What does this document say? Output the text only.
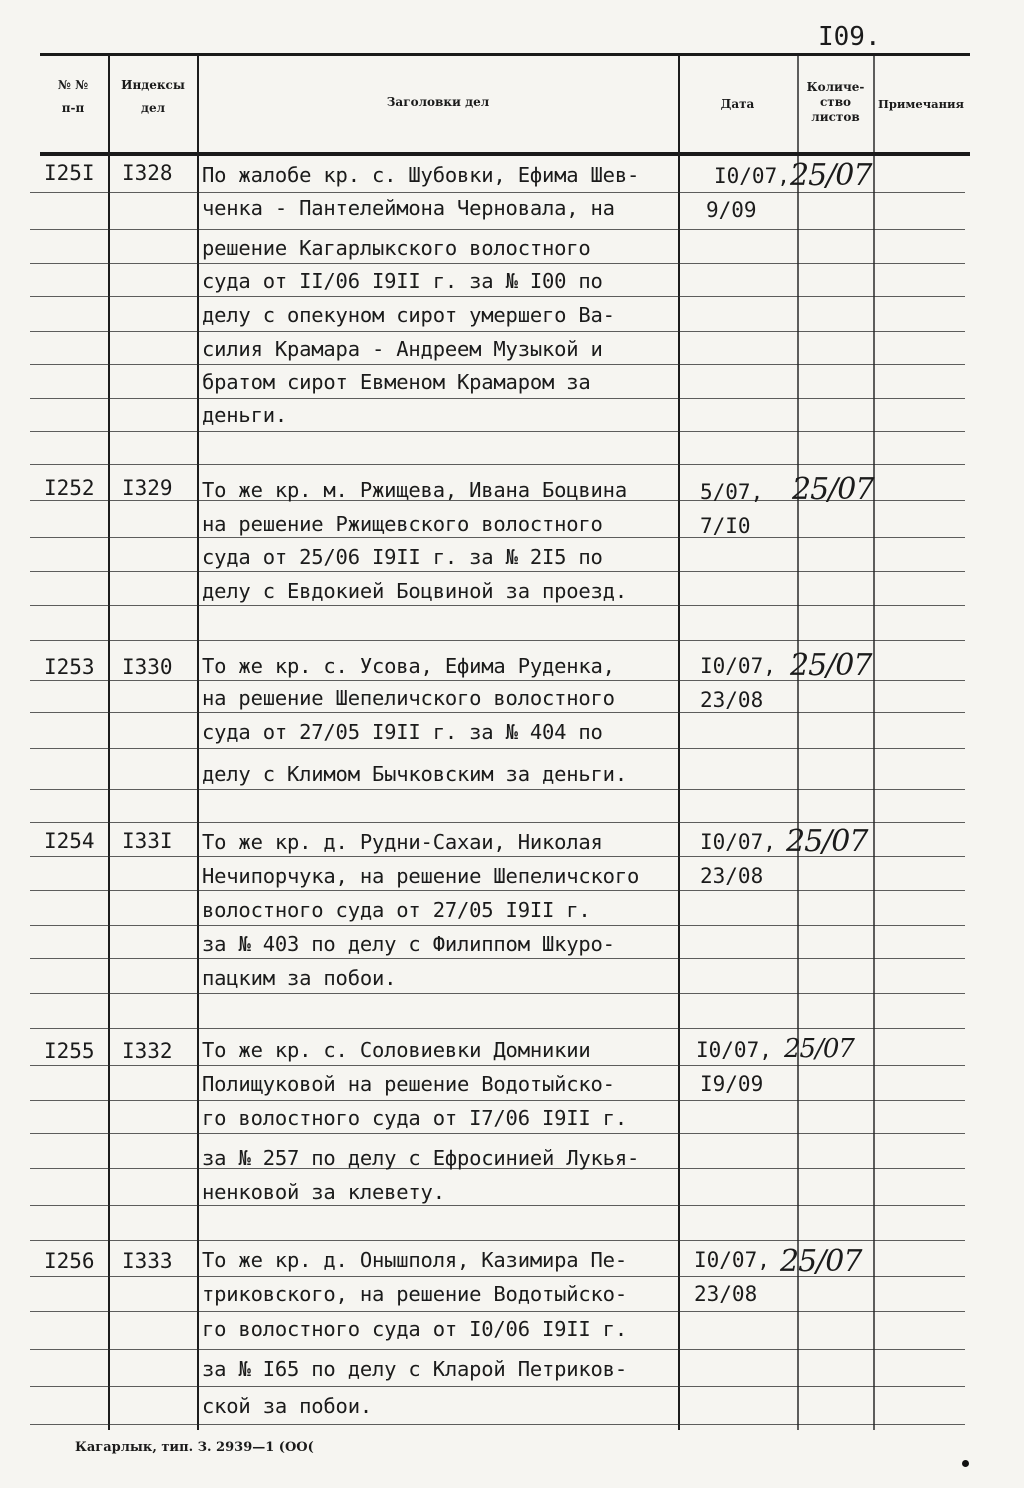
I09.
№ №
п-п
Индексы
дел	Заголовки дел	Дата
Количе-
ство
листов
Примечания
I25I I328 По жалобе кр. с. Шубовки, Ефима Шев-
ченка - Пантелеймона Черновала, на
решение Кагарлыкского волостного
суда от II/06 I9II г. за № I00 по
делу с опекуном сирот умершего Ва-
силия Крамара - Андреем Музыкой и
братом сирот Евменом Крамаром за
деньги.
I0/07,
9/09
25/07
I252 I329 То же кр. м. Ржищева, Ивана Боцвина
на решение Ржищевского волостного
суда от 25/06 I9II г. за № 2I5 по
делу с Евдокией Боцвиной за проезд.
5/07,
7/I0
25/07
I253 I330 То же кр. с. Усова, Ефима Руденка,
на решение Шепеличского волостного
суда от 27/05 I9II г. за № 404 по
делу с Климом Бычковским за деньги.
I0/07,
23/08
25/07
I254 I33I То же кр. д. Рудни-Сахаи, Николая
Нечипорчука, на решение Шепеличского
волостного суда от 27/05 I9II г.
за № 403 по делу с Филиппом Шкуро-
пацким за побои.
I0/07,
23/08
25/07
I255 I332 То же кр. с. Соловиевки Домникии
Полищуковой на решение Водотыйско-
го волостного суда от I7/06 I9II г.
за № 257 по делу с Ефросинией Лукья-
ненковой за клевету.
I0/07,
I9/09
25/07
I256 I333 То же кр. д. Онышполя, Казимира Пе-
триковского, на решение Водотыйско-
го волостного суда от I0/06 I9II г.
за № I65 по делу с Кларой Петриков-
ской за побои.
I0/07,
23/08
25/07
Кагарлык, тип. З. 2939—1 (ОО(
